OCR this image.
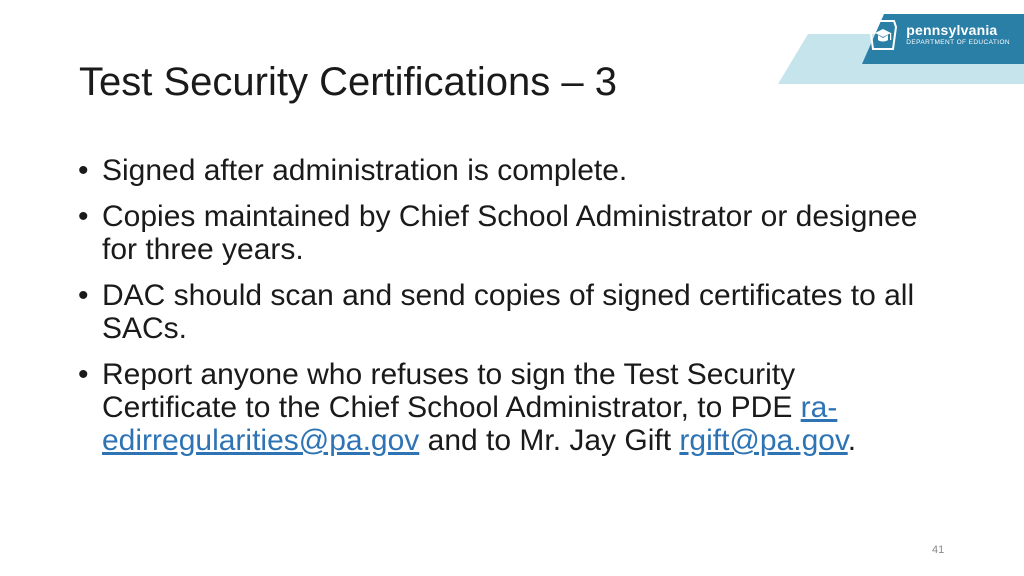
pennsylvania
DEPARTMENT OF EDUCATION
Test Security Certifications – 3
• Signed after administration is complete.
• Copies maintained by Chief School Administrator or designee for three years.
• DAC should scan and send copies of signed certificates to all SACs.
• Report anyone who refuses to sign the Test Security Certificate to the Chief School Administrator, to PDE ra-edirregularities@pa.gov and to Mr. Jay Gift rgift@pa.gov.
41
